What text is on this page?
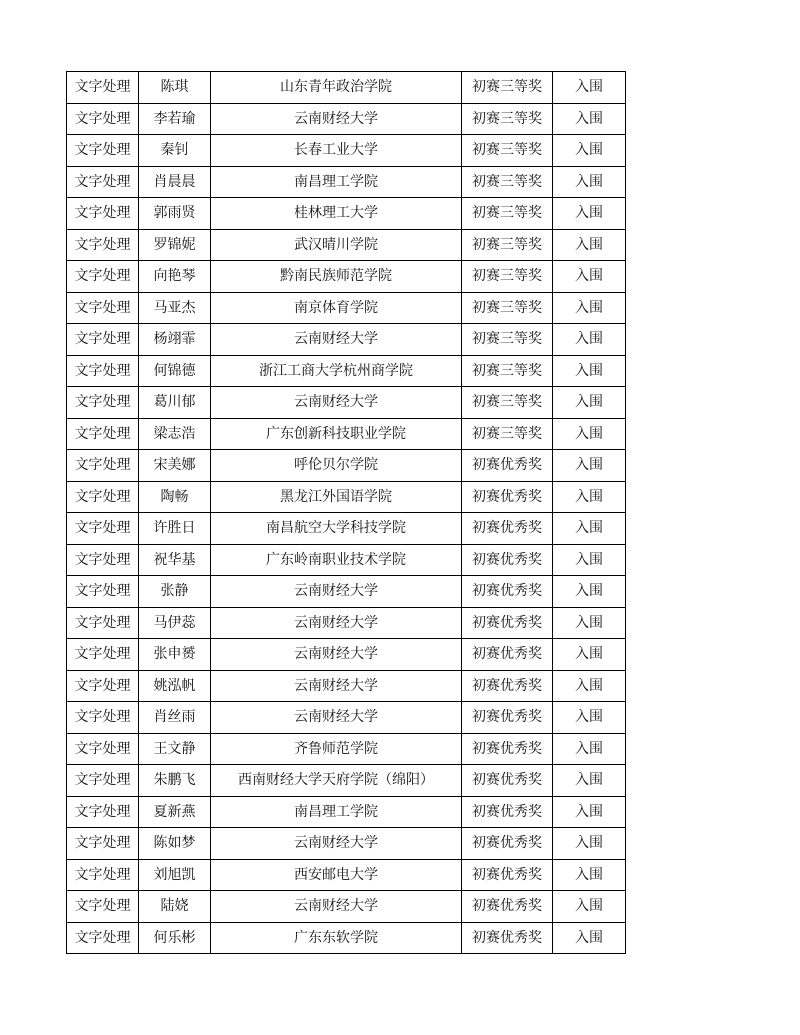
文字处理	陈琪	山东青年政治学院	初赛三等奖	入围
文字处理	李若瑜	云南财经大学	初赛三等奖	入围
文字处理	秦钊	长春工业大学	初赛三等奖	入围
文字处理	肖晨晨	南昌理工学院	初赛三等奖	入围
文字处理	郭雨贤	桂林理工大学	初赛三等奖	入围
文字处理	罗锦妮	武汉晴川学院	初赛三等奖	入围
文字处理	向艳琴	黔南民族师范学院	初赛三等奖	入围
文字处理	马亚杰	南京体育学院	初赛三等奖	入围
文字处理	杨翊霏	云南财经大学	初赛三等奖	入围
文字处理	何锦德	浙江工商大学杭州商学院	初赛三等奖	入围
文字处理	葛川郁	云南财经大学	初赛三等奖	入围
文字处理	梁志浩	广东创新科技职业学院	初赛三等奖	入围
文字处理	宋美娜	呼伦贝尔学院	初赛优秀奖	入围
文字处理	陶畅	黑龙江外国语学院	初赛优秀奖	入围
文字处理	许胜日	南昌航空大学科技学院	初赛优秀奖	入围
文字处理	祝华基	广东岭南职业技术学院	初赛优秀奖	入围
文字处理	张静	云南财经大学	初赛优秀奖	入围
文字处理	马伊蕊	云南财经大学	初赛优秀奖	入围
文字处理	张申赟	云南财经大学	初赛优秀奖	入围
文字处理	姚泓帆	云南财经大学	初赛优秀奖	入围
文字处理	肖丝雨	云南财经大学	初赛优秀奖	入围
文字处理	王文静	齐鲁师范学院	初赛优秀奖	入围
文字处理	朱鹏飞	西南财经大学天府学院（绵阳）	初赛优秀奖	入围
文字处理	夏新燕	南昌理工学院	初赛优秀奖	入围
文字处理	陈如梦	云南财经大学	初赛优秀奖	入围
文字处理	刘旭凯	西安邮电大学	初赛优秀奖	入围
文字处理	陆娆	云南财经大学	初赛优秀奖	入围
文字处理	何乐彬	广东东软学院	初赛优秀奖	入围
